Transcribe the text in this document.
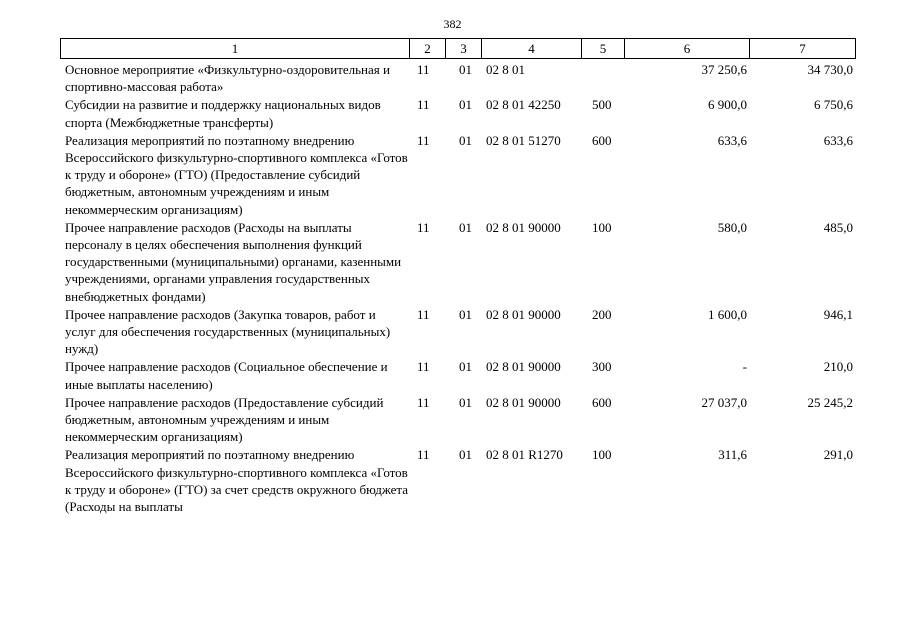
382
1	2	3	4	5	6	7
Основное мероприятие «Физкультурно-оздоровительная и спортивно-массовая работа»	11	01	02 8 01		37 250,6	34 730,0
Субсидии на развитие и поддержку национальных видов спорта (Межбюджетные трансферты)	11	01	02 8 01 42250	500	6 900,0	6 750,6
Реализация мероприятий по поэтапному внедрению Всероссийского физкультурно-спортивного комплекса «Готов к труду и обороне» (ГТО) (Предоставление субсидий бюджетным, автономным учреждениям и иным некоммерческим организациям)	11	01	02 8 01 51270	600	633,6	633,6
Прочее направление расходов (Расходы на выплаты персоналу в целях обеспечения выполнения функций государственными (муниципальными) органами, казенными учреждениями, органами управления государственных внебюджетных фондами)	11	01	02 8 01 90000	100	580,0	485,0
Прочее направление расходов (Закупка товаров, работ и услуг для обеспечения государственных (муниципальных) нужд)	11	01	02 8 01 90000	200	1 600,0	946,1
Прочее направление расходов (Социальное обеспечение и иные выплаты населению)	11	01	02 8 01 90000	300	-	210,0
Прочее направление расходов (Предоставление субсидий бюджетным, автономным учреждениям и иным некоммерческим организациям)	11	01	02 8 01 90000	600	27 037,0	25 245,2
Реализация мероприятий по поэтапному внедрению Всероссийского физкультурно-спортивного комплекса «Готов к труду и обороне» (ГТО) за счет средств окружного бюджета (Расходы на выплаты	11	01	02 8 01 R1270	100	311,6	291,0
